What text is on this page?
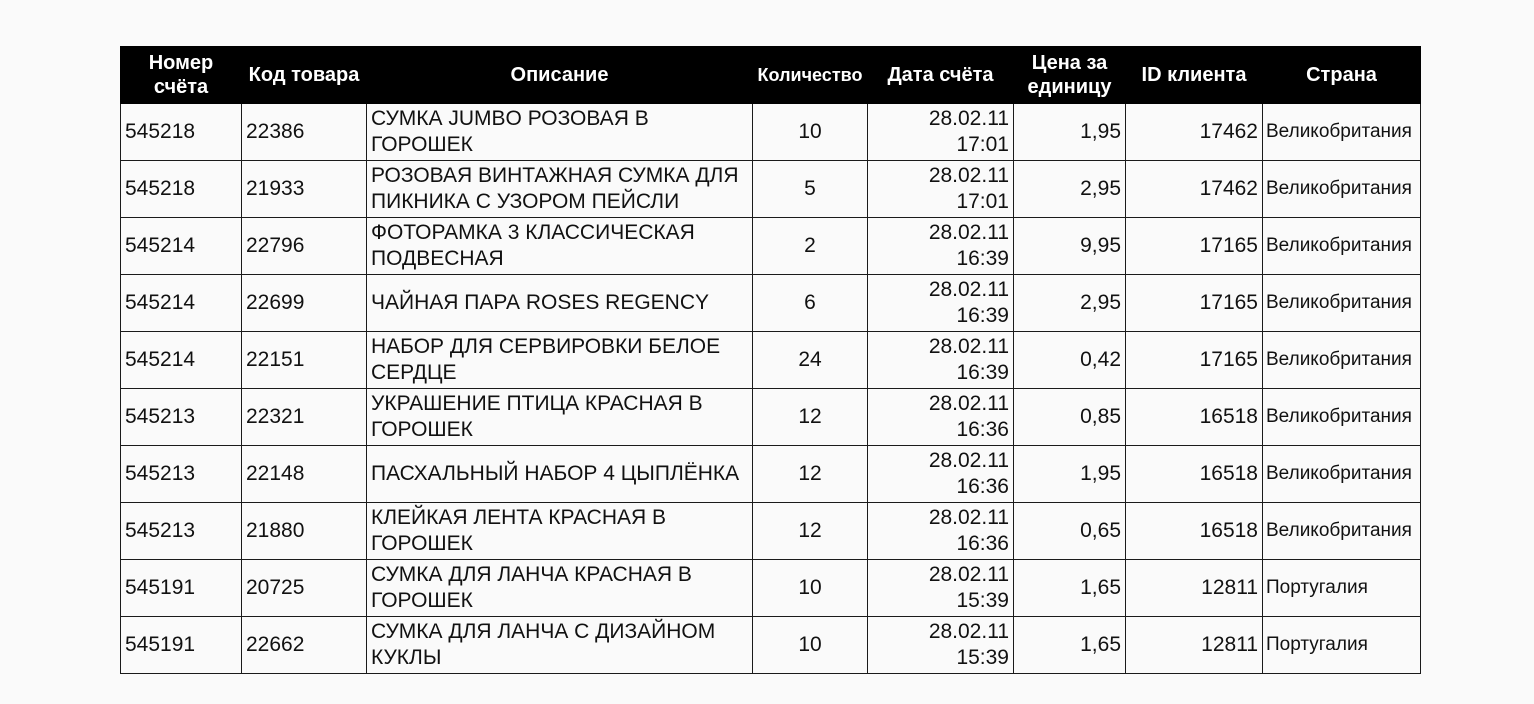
Номер счёта	Код товара	Описание	Количество	Дата счёта	Цена за единицу	ID клиента	Страна
545218	22386	СУМКА JUMBO РОЗОВАЯ В ГОРОШЕК	10	28.02.11 17:01	1,95	17462	Великобритания
545218	21933	РОЗОВАЯ ВИНТАЖНАЯ СУМКА ДЛЯ ПИКНИКА С УЗОРОМ ПЕЙСЛИ	5	28.02.11 17:01	2,95	17462	Великобритания
545214	22796	ФОТОРАМКА 3 КЛАССИЧЕСКАЯ ПОДВЕСНАЯ	2	28.02.11 16:39	9,95	17165	Великобритания
545214	22699	ЧАЙНАЯ ПАРА ROSES REGENCY	6	28.02.11 16:39	2,95	17165	Великобритания
545214	22151	НАБОР ДЛЯ СЕРВИРОВКИ БЕЛОЕ СЕРДЦЕ	24	28.02.11 16:39	0,42	17165	Великобритания
545213	22321	УКРАШЕНИЕ ПТИЦА КРАСНАЯ В ГОРОШЕК	12	28.02.11 16:36	0,85	16518	Великобритания
545213	22148	ПАСХАЛЬНЫЙ НАБОР 4 ЦЫПЛЁНКА	12	28.02.11 16:36	1,95	16518	Великобритания
545213	21880	КЛЕЙКАЯ ЛЕНТА КРАСНАЯ В ГОРОШЕК	12	28.02.11 16:36	0,65	16518	Великобритания
545191	20725	СУМКА ДЛЯ ЛАНЧА КРАСНАЯ В ГОРОШЕК	10	28.02.11 15:39	1,65	12811	Португалия
545191	22662	СУМКА ДЛЯ ЛАНЧА С ДИЗАЙНОМ КУКЛЫ	10	28.02.11 15:39	1,65	12811	Португалия
